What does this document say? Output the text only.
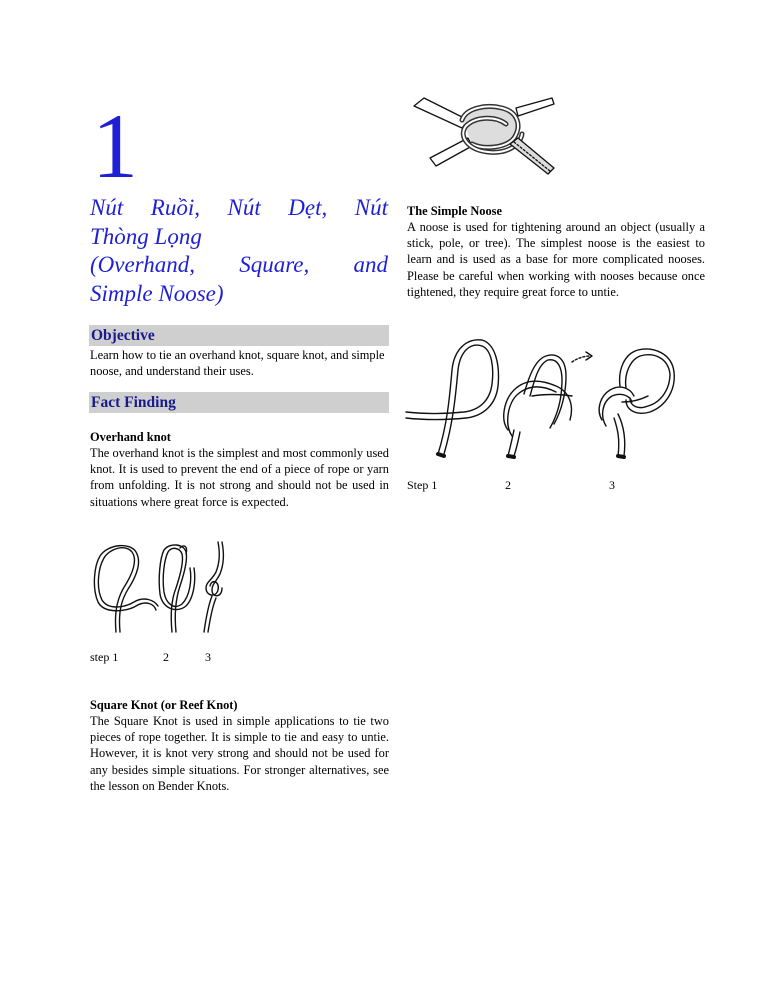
1
Nút Ruồi, Nút Dẹt, Nút
Thòng Lọng
(Overhand, Square, and
Simple Noose)
Objective
Learn how to tie an overhand knot, square knot, and simple noose, and understand their uses.
Fact Finding
Overhand knot
The overhand knot is the simplest and most commonly used knot. It is used to prevent the end of a piece of rope or yarn from unfolding. It is not strong and should not be used in situations where great force is expected.
step 1	2	3
Square Knot (or Reef Knot)
The Square Knot is used in simple applications to tie two pieces of rope together. It is simple to tie and easy to untie. However, it is knot very strong and should not be used for any besides simple situations. For stronger alternatives, see the lesson on Bender Knots.
The Simple Noose
A noose is used for tightening around an object (usually a stick, pole, or tree). The simplest noose is the easiest to learn and is used as a base for more complicated nooses. Please be careful when working with nooses because once tightened, they require great force to untie.
Step 1	2	3
